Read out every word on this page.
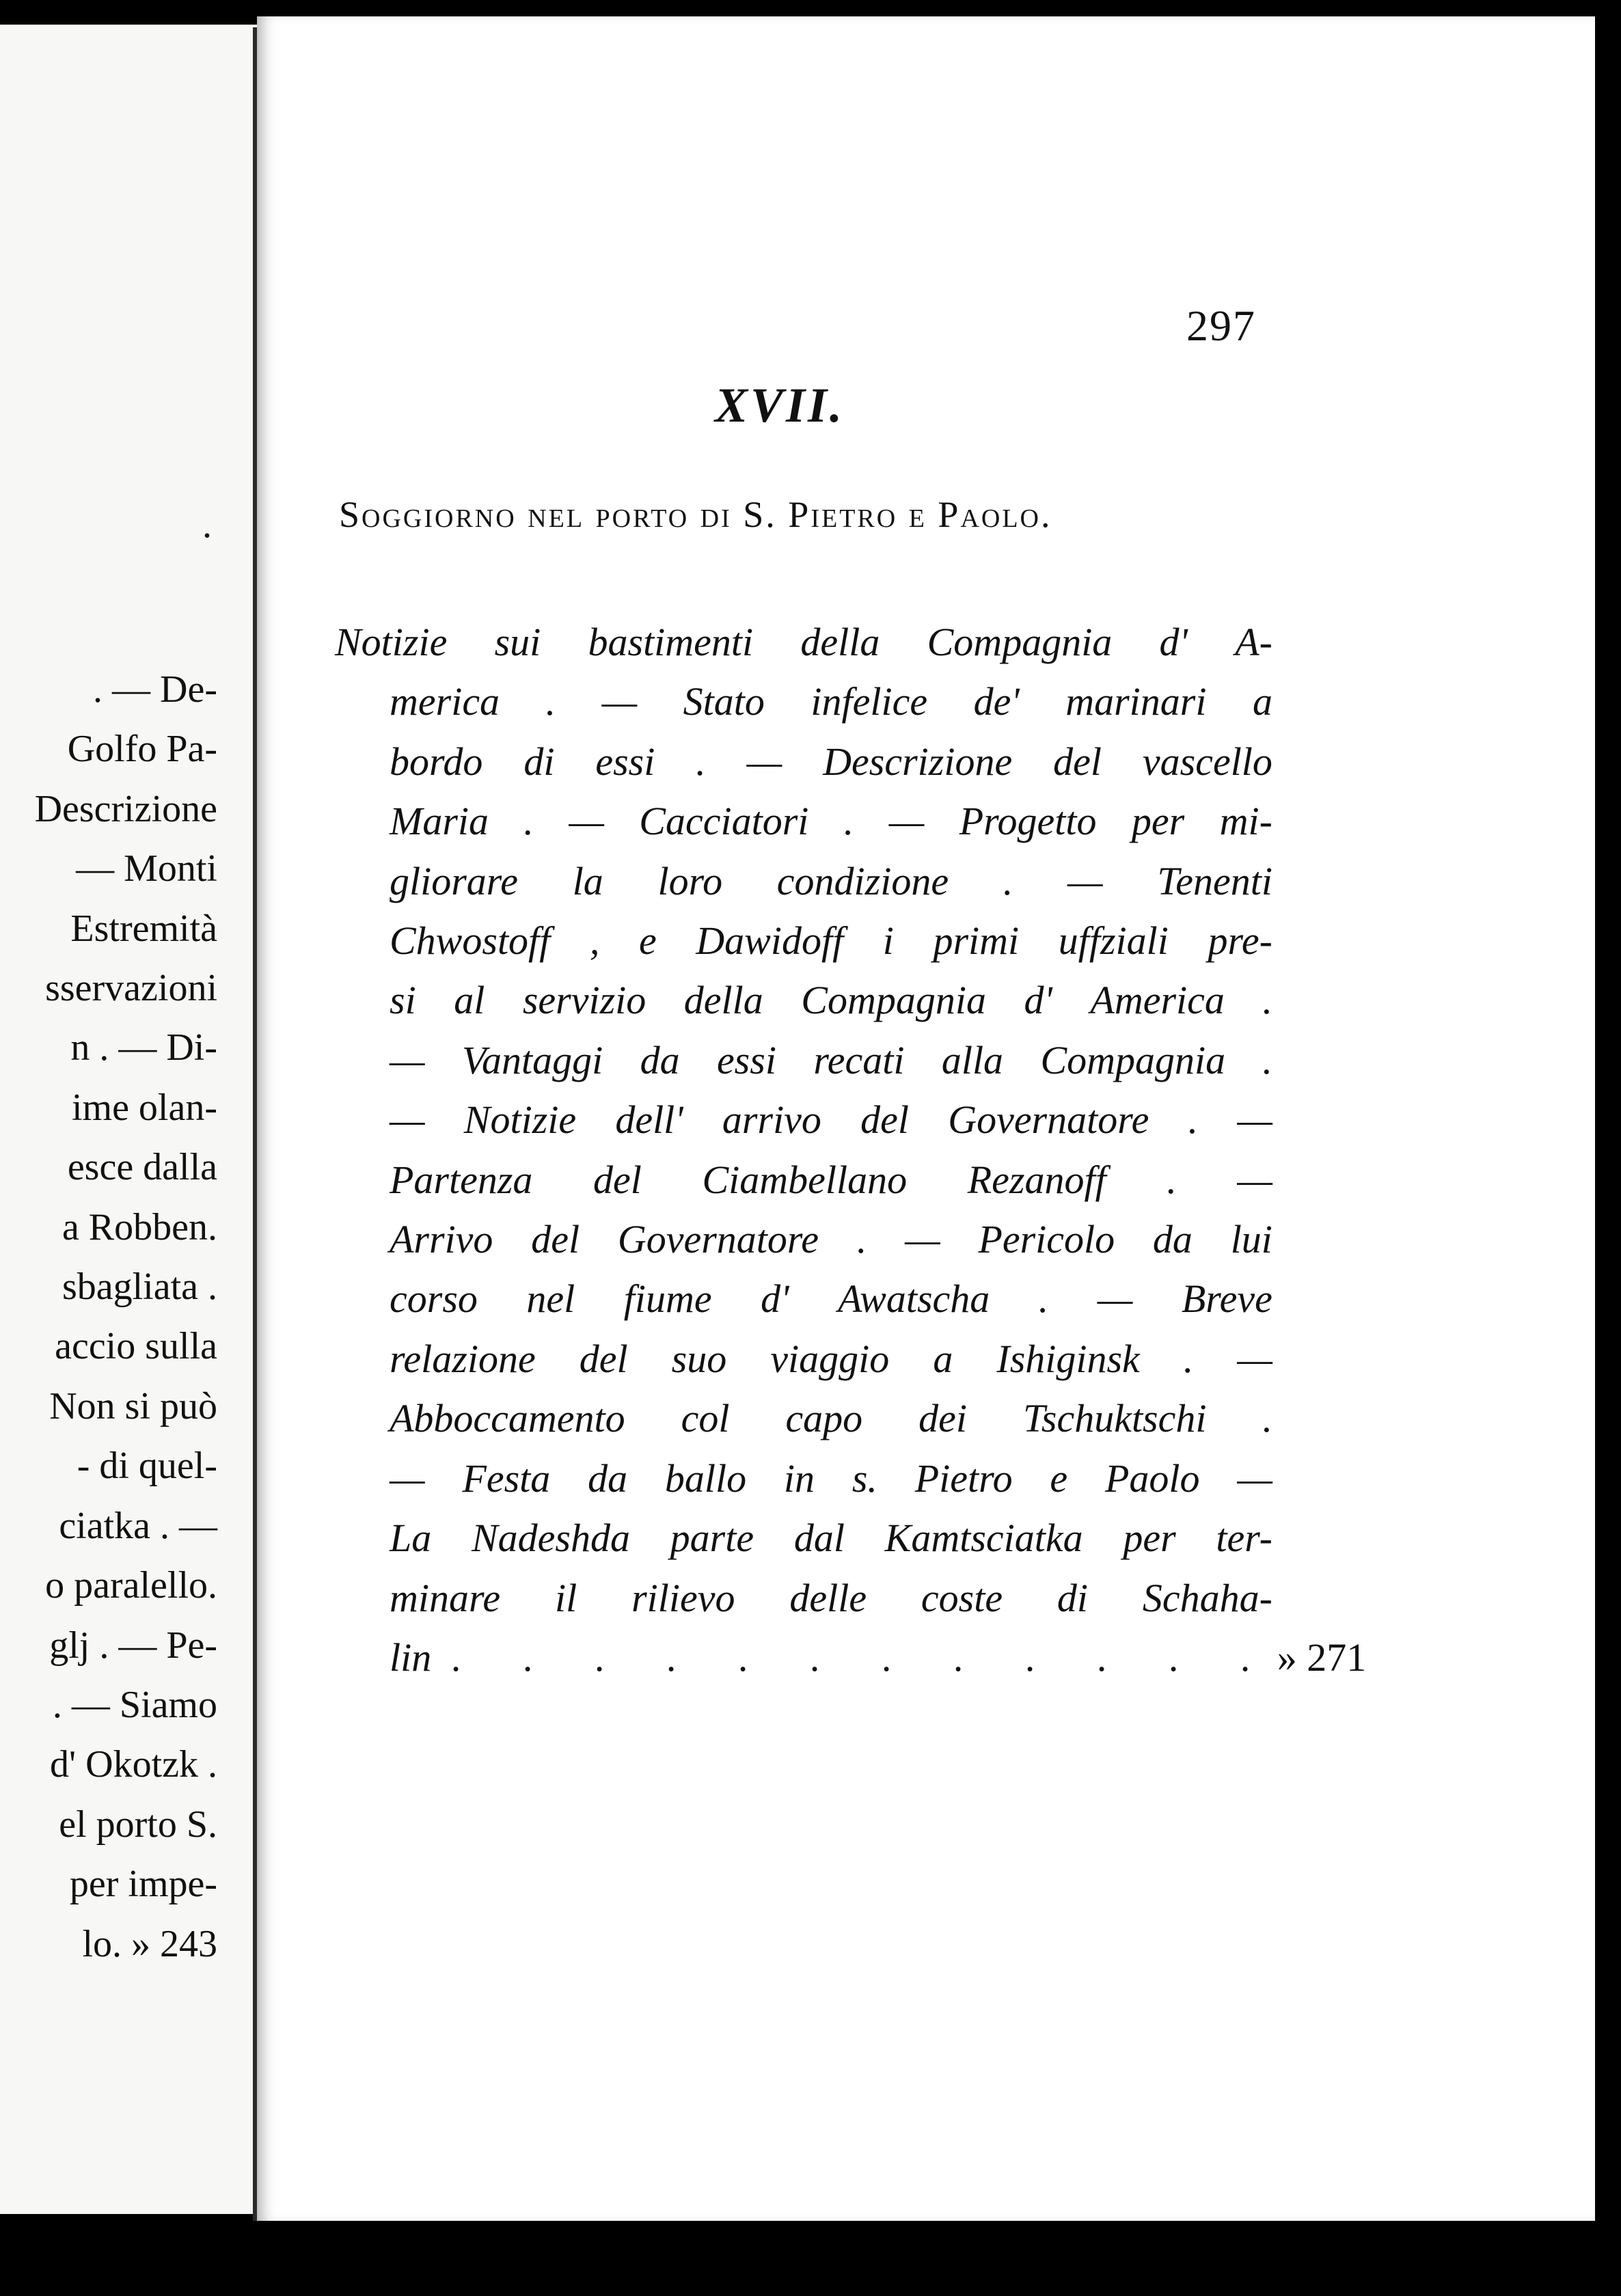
.
. — De-
Golfo Pa-
Descrizione
— Monti
Estremità
sservazioni
n . — Di-
ime olan-
esce dalla
a Robben.
sbagliata .
accio sulla
Non si può
- di quel-
ciatka . —
o paralello.
glj . — Pe-
. — Siamo
d' Okotzk .
el porto S.
per impe-
lo. » 243
297
XVII.
Soggiorno nel porto di S. Pietro e Paolo.
Notizie sui bastimenti della Compagnia d' A-
merica . — Stato infelice de' marinari a
bordo di essi . — Descrizione del vascello
Maria . — Cacciatori . — Progetto per mi-
gliorare la loro condizione . — Tenenti
Chwostoff , e Dawidoff i primi uffziali pre-
si al servizio della Compagnia d' America .
— Vantaggi da essi recati alla Compagnia .
— Notizie dell' arrivo del Governatore . —
Partenza del Ciambellano Rezanoff . —
Arrivo del Governatore . — Pericolo da lui
corso nel fiume d' Awatscha . — Breve
relazione del suo viaggio a Ishiginsk . —
Abboccamento col capo dei Tschuktschi .
— Festa da ballo in s. Pietro e Paolo —
La Nadeshda parte dal Kamtsciatka per ter-
minare il rilievo delle coste di Schaha-
lin . . . . . . . . . . . . » 271
